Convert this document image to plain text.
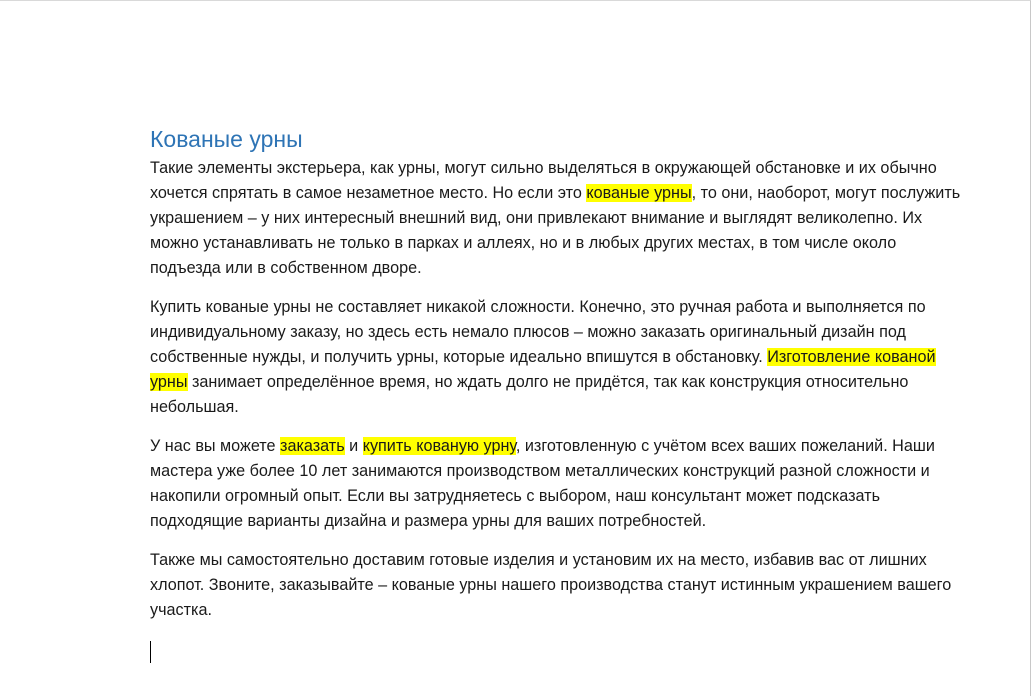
Кованые урны

Такие элементы экстерьера, как урны, могут сильно выделяться в окружающей обстановке и их обычно хочется спрятать в самое незаметное место. Но если это кованые урны, то они, наоборот, могут послужить украшением – у них интересный внешний вид, они привлекают внимание и выглядят великолепно. Их можно устанавливать не только в парках и аллеях, но и в любых других местах, в том числе около подъезда или в собственном дворе.

Купить кованые урны не составляет никакой сложности. Конечно, это ручная работа и выполняется по индивидуальному заказу, но здесь есть немало плюсов – можно заказать оригинальный дизайн под собственные нужды, и получить урны, которые идеально впишутся в обстановку. Изготовление кованой урны занимает определённое время, но ждать долго не придётся, так как конструкция относительно небольшая.

У нас вы можете заказать и купить кованую урну, изготовленную с учётом всех ваших пожеланий. Наши мастера уже более 10 лет занимаются производством металлических конструкций разной сложности и накопили огромный опыт. Если вы затрудняетесь с выбором, наш консультант может подсказать подходящие варианты дизайна и размера урны для ваших потребностей.

Также мы самостоятельно доставим готовые изделия и установим их на место, избавив вас от лишних хлопот. Звоните, заказывайте – кованые урны нашего производства станут истинным украшением вашего участка.
